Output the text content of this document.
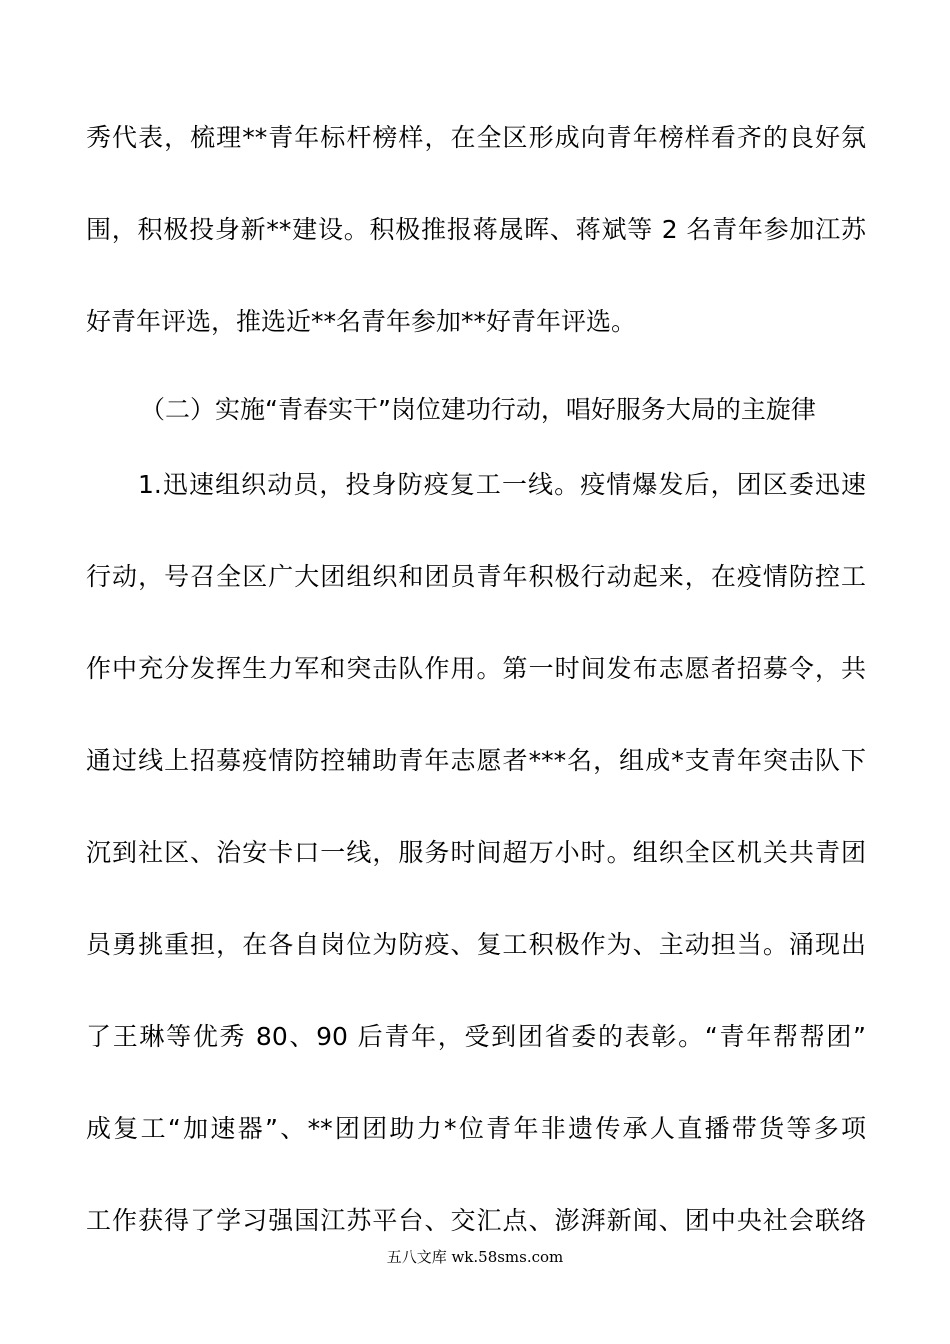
秀代表，梳理**青年标杆榜样，在全区形成向青年榜样看齐的良好氛
围，积极投身新**建设。积极推报蒋晟晖、蒋斌等 2 名青年参加江苏
好青年评选，推选近**名青年参加**好青年评选。
（二）实施“青春实干”岗位建功行动，唱好服务大局的主旋律
1.迅速组织动员，投身防疫复工一线。疫情爆发后，团区委迅速
行动，号召全区广大团组织和团员青年积极行动起来，在疫情防控工
作中充分发挥生力军和突击队作用。第一时间发布志愿者招募令，共
通过线上招募疫情防控辅助青年志愿者***名，组成*支青年突击队下
沉到社区、治安卡口一线，服务时间超万小时。组织全区机关共青团
员勇挑重担，在各自岗位为防疫、复工积极作为、主动担当。涌现出
了王琳等优秀 80、90 后青年，受到团省委的表彰。“青年帮帮团”
成复工“加速器”、**团团助力*位青年非遗传承人直播带货等多项
工作获得了学习强国江苏平台、交汇点、澎湃新闻、团中央社会联络
五八文库 wk.58sms.com
